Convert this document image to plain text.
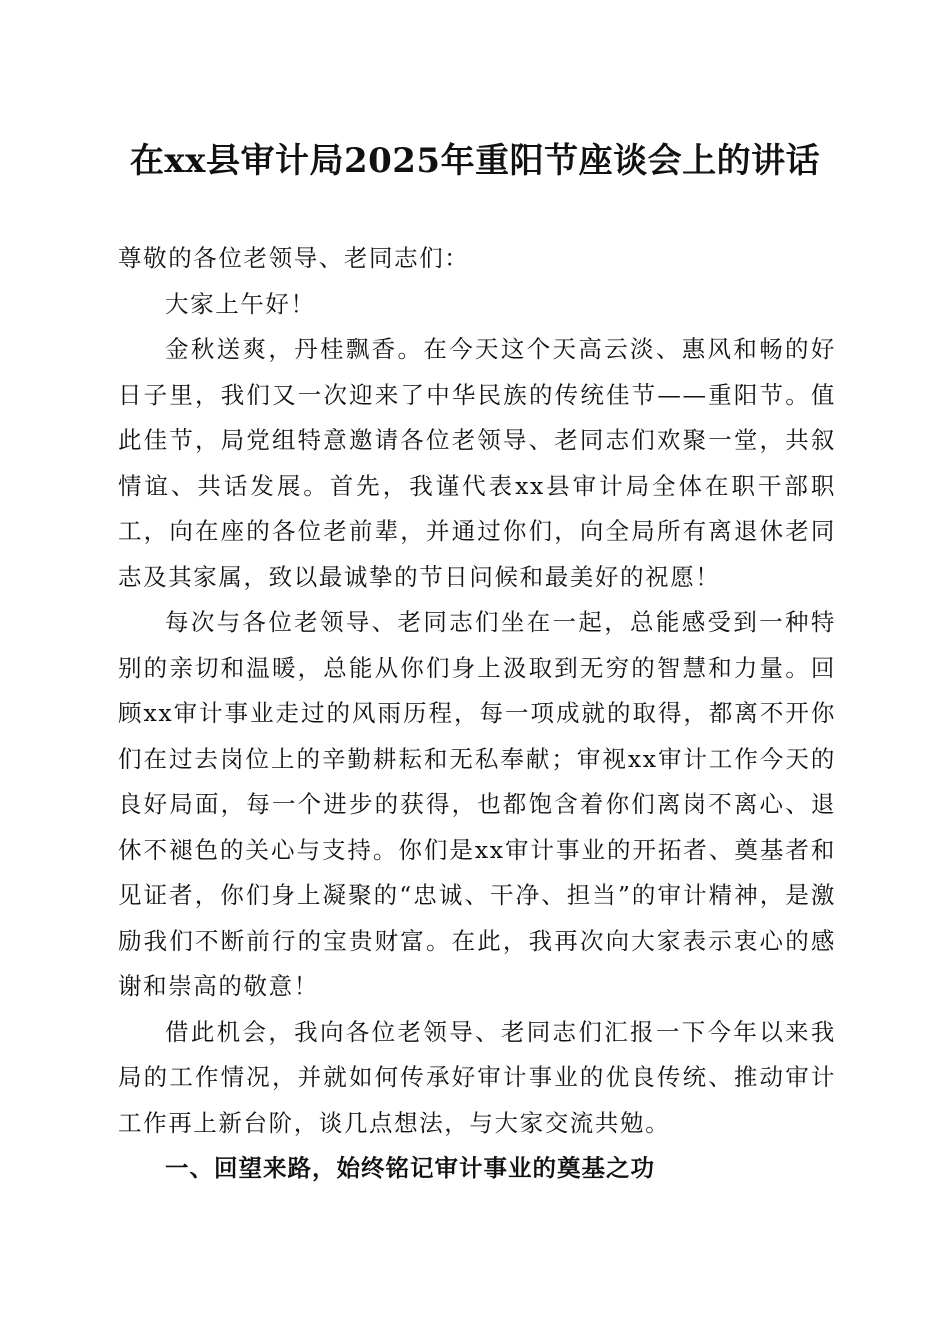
在xx县审计局2025年重阳节座谈会上的讲话

尊敬的各位老领导、老同志们：

大家上午好！

金秋送爽，丹桂飘香。在今天这个天高云淡、惠风和畅的好日子里，我们又一次迎来了中华民族的传统佳节——重阳节。值此佳节，局党组特意邀请各位老领导、老同志们欢聚一堂，共叙情谊、共话发展。首先，我谨代表xx县审计局全体在职干部职工，向在座的各位老前辈，并通过你们，向全局所有离退休老同志及其家属，致以最诚挚的节日问候和最美好的祝愿！

每次与各位老领导、老同志们坐在一起，总能感受到一种特别的亲切和温暖，总能从你们身上汲取到无穷的智慧和力量。回顾xx审计事业走过的风雨历程，每一项成就的取得，都离不开你们在过去岗位上的辛勤耕耘和无私奉献；审视xx审计工作今天的良好局面，每一个进步的获得，也都饱含着你们离岗不离心、退休不褪色的关心与支持。你们是xx审计事业的开拓者、奠基者和见证者，你们身上凝聚的“忠诚、干净、担当”的审计精神，是激励我们不断前行的宝贵财富。在此，我再次向大家表示衷心的感谢和崇高的敬意！

借此机会，我向各位老领导、老同志们汇报一下今年以来我局的工作情况，并就如何传承好审计事业的优良传统、推动审计工作再上新台阶，谈几点想法，与大家交流共勉。

一、回望来路，始终铭记审计事业的奠基之功
